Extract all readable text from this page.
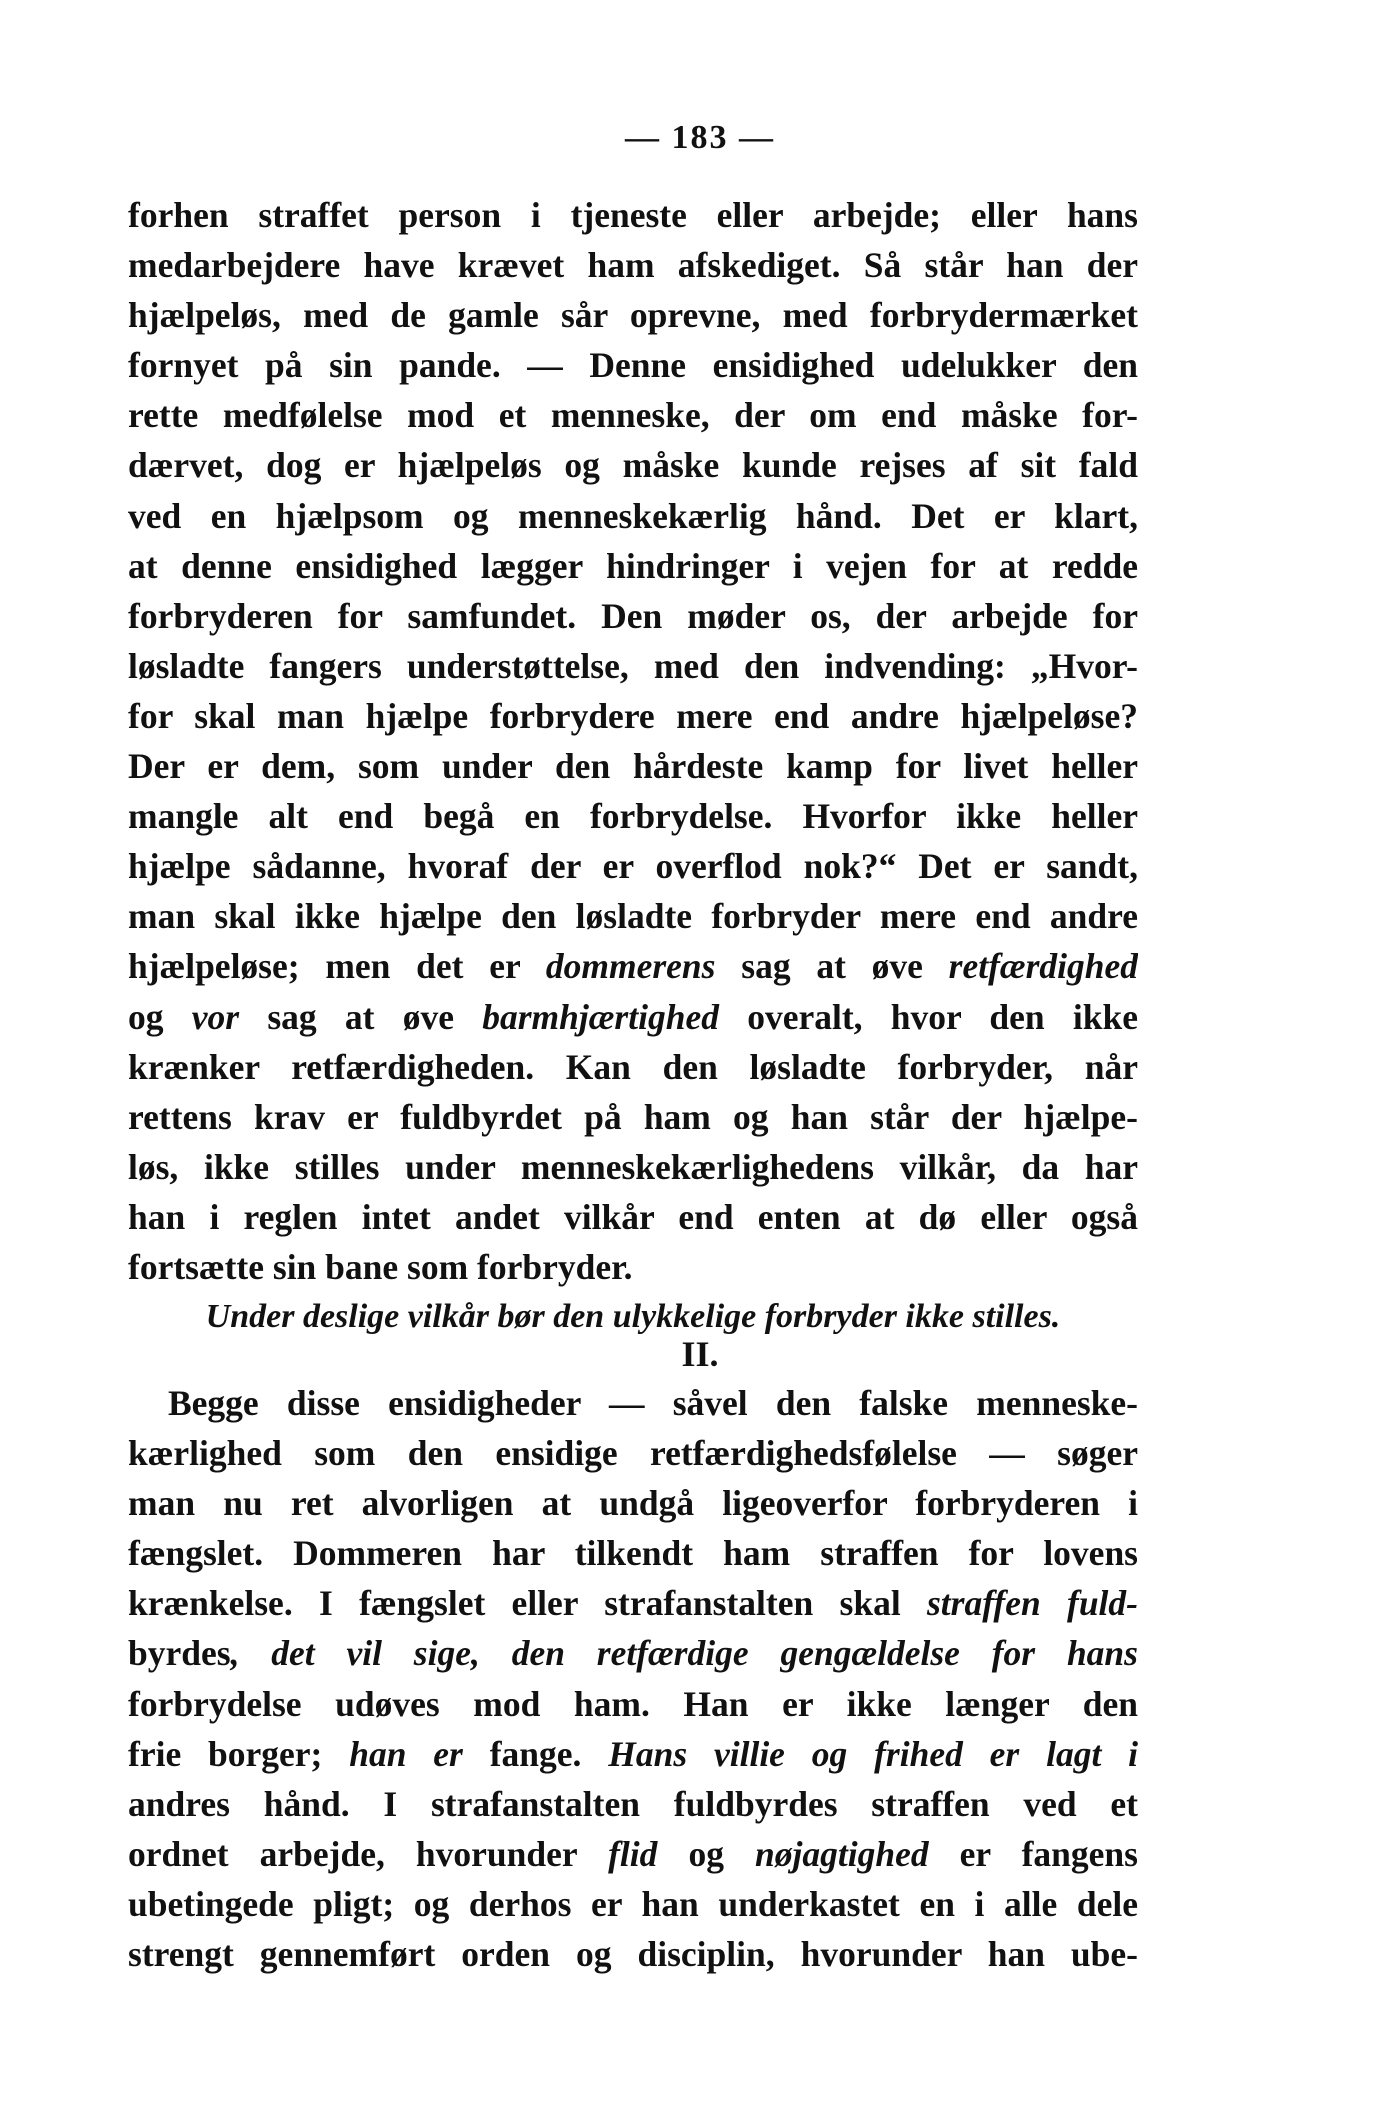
— 183 —
forhen straffet person i tjeneste eller arbejde; eller hans
medarbejdere have krævet ham afskediget. Så står han der
hjælpeløs, med de gamle sår oprevne, med forbrydermærket
fornyet på sin pande. — Denne ensidighed udelukker den
rette medfølelse mod et menneske, der om end måske for-
dærvet, dog er hjælpeløs og måske kunde rejses af sit fald
ved en hjælpsom og menneskekærlig hånd. Det er klart,
at denne ensidighed lægger hindringer i vejen for at redde
forbryderen for samfundet. Den møder os, der arbejde for
løsladte fangers understøttelse, med den indvending: „Hvor-
for skal man hjælpe forbrydere mere end andre hjælpeløse?
Der er dem, som under den hårdeste kamp for livet heller
mangle alt end begå en forbrydelse. Hvorfor ikke heller
hjælpe sådanne, hvoraf der er overflod nok?“ Det er sandt,
man skal ikke hjælpe den løsladte forbryder mere end andre
hjælpeløse; men det er dommerens sag at øve retfærdighed
og vor sag at øve barmhjærtighed overalt, hvor den ikke
krænker retfærdigheden. Kan den løsladte forbryder, når
rettens krav er fuldbyrdet på ham og han står der hjælpe-
løs, ikke stilles under menneskekærlighedens vilkår, da har
han i reglen intet andet vilkår end enten at dø eller også
fortsætte sin bane som forbryder.
Under deslige vilkår bør den ulykkelige forbryder ikke stilles.
II.
Begge disse ensidigheder — såvel den falske menneske-
kærlighed som den ensidige retfærdighedsfølelse — søger
man nu ret alvorligen at undgå ligeoverfor forbryderen i
fængslet. Dommeren har tilkendt ham straffen for lovens
krænkelse. I fængslet eller strafanstalten skal straffen fuld-
byrdes, det vil sige, den retfærdige gengældelse for hans
forbrydelse udøves mod ham. Han er ikke længer den
frie borger; han er fange. Hans villie og frihed er lagt i
andres hånd. I strafanstalten fuldbyrdes straffen ved et
ordnet arbejde, hvorunder flid og nøjagtighed er fangens
ubetingede pligt; og derhos er han underkastet en i alle dele
strengt gennemført orden og disciplin, hvorunder han ube-
